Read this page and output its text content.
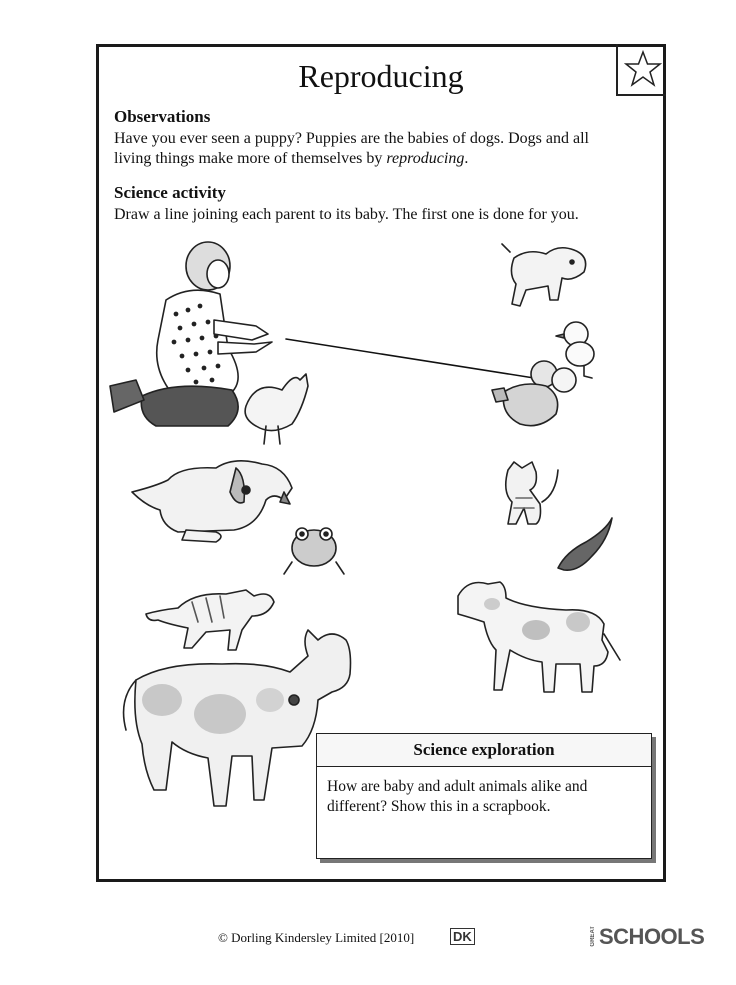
Reproducing
Observations

Have you ever seen a puppy? Puppies are the babies of dogs. Dogs and all
living things make more of themselves by reproducing.

Science activity

Draw a line joining each parent to its baby. The first one is done for you.

Science exploration
How are baby and adult animals alike and
different? Show this in a scrapbook.
© Dorling Kindersley Limited [2010]	DK	GREAT SCHOOLS
